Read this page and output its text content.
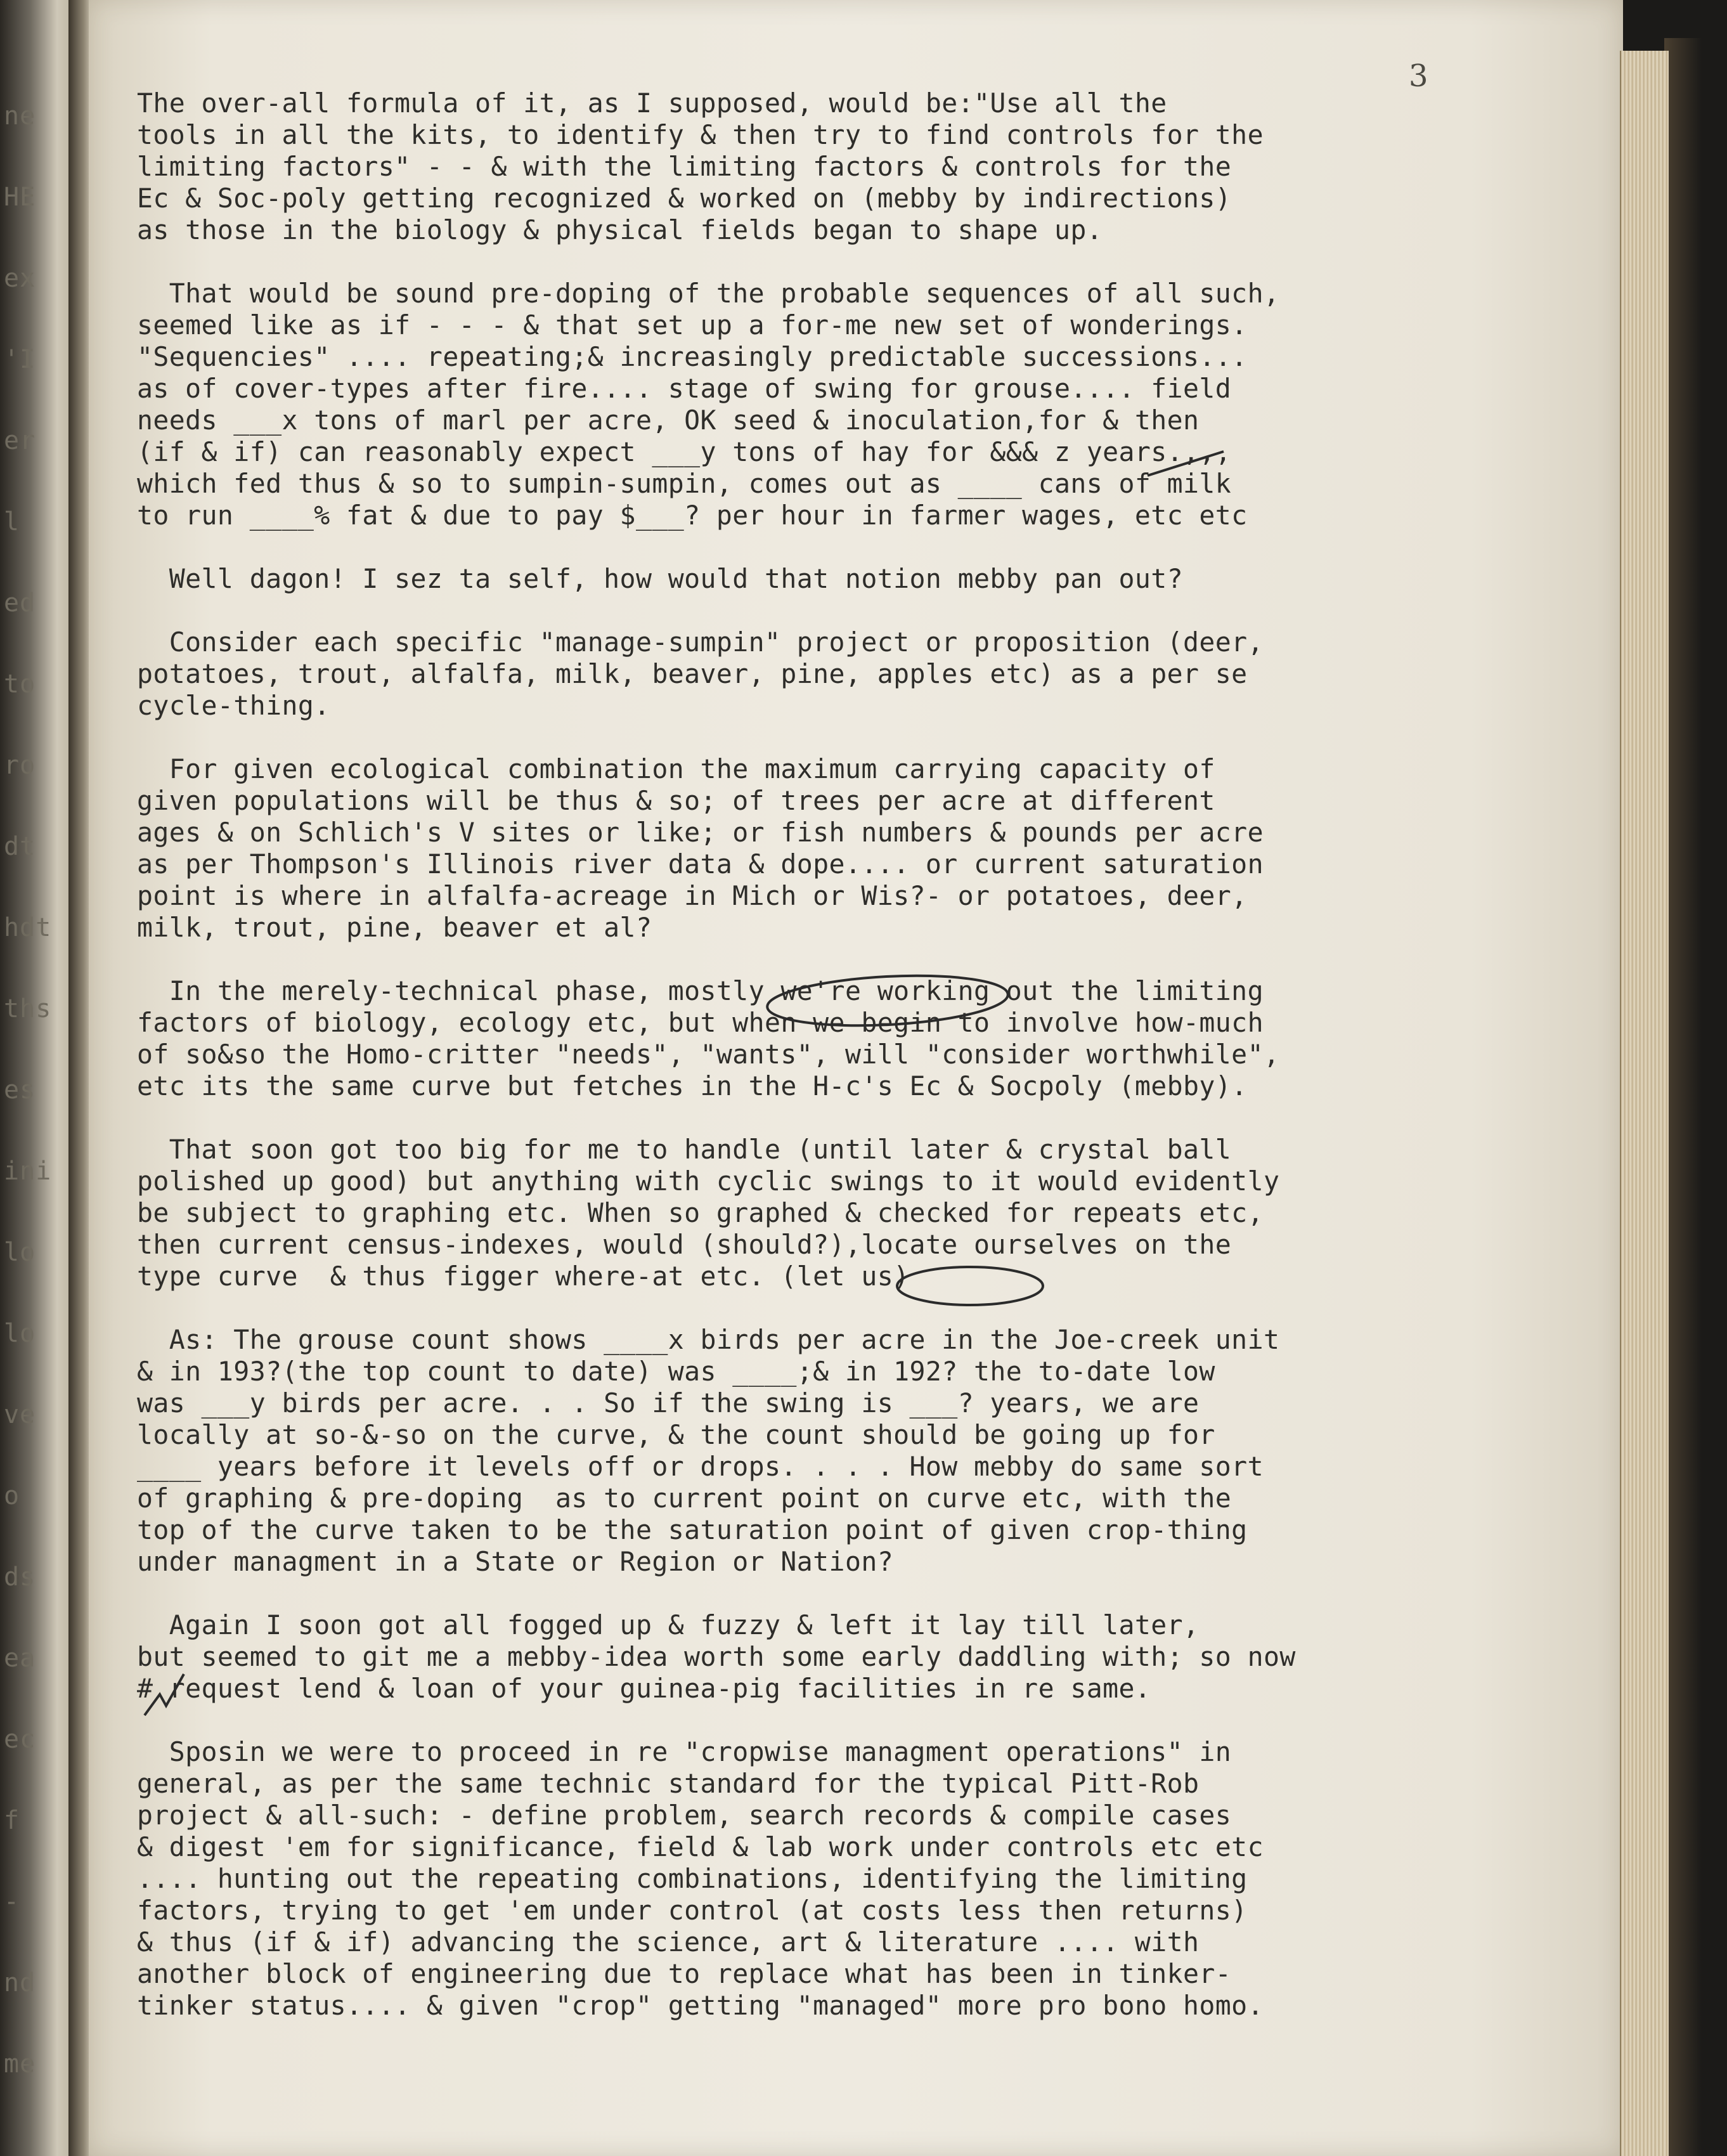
ne
HE
ex
'I
er
l
ed
to
ro
dt
hdt
ths
es
ini
lo
lo
ve
o
ds
ea
ec
f
-
nd
me
3
The over-all formula of it, as I supposed, would be:"Use all the
tools in all the kits, to identify & then try to find controls for the
limiting factors" - - & with the limiting factors & controls for the
Ec & Soc-poly getting recognized & worked on (mebby by indirections)
as those in the biology & physical fields began to shape up.
That would be sound pre-doping of the probable sequences of all such,
seemed like as if - - - & that set up a for-me new set of wonderings.
"Sequencies" .... repeating;& increasingly predictable successions...
as of cover-types after fire.... stage of swing for grouse.... field
needs ___x tons of marl per acre, OK seed & inoculation,for & then
(if & if) can reasonably expect ___y tons of hay for &&& z years.,,,
which fed thus & so to sumpin-sumpin, comes out as ____ cans of milk
to run ____% fat & due to pay $___? per hour in farmer wages, etc etc
Well dagon! I sez ta self, how would that notion mebby pan out?
Consider each specific "manage-sumpin" project or proposition (deer,
potatoes, trout, alfalfa, milk, beaver, pine, apples etc) as a per se
cycle-thing.
For given ecological combination the maximum carrying capacity of
given populations will be thus & so; of trees per acre at different
ages & on Schlich's V sites or like; or fish numbers & pounds per acre
as per Thompson's Illinois river data & dope.... or current saturation
point is where in alfalfa-acreage in Mich or Wis?- or potatoes, deer,
milk, trout, pine, beaver et al?
In the merely-technical phase, mostly we're working out the limiting
factors of biology, ecology etc, but when we begin to involve how-much
of so&so the Homo-critter "needs", "wants", will "consider worthwhile",
etc its the same curve but fetches in the H-c's Ec & Socpoly (mebby).
That soon got too big for me to handle (until later & crystal ball
polished up good) but anything with cyclic swings to it would evidently
be subject to graphing etc. When so graphed & checked for repeats etc,
then current census-indexes, would (should?),locate ourselves on the
type curve  & thus figger where-at etc. (let us)
As: The grouse count shows ____x birds per acre in the Joe-creek unit
& in 193?(the top count to date) was ____;& in 192? the to-date low
was ___y birds per acre. . . So if the swing is ___? years, we are
locally at so-&-so on the curve, & the count should be going up for
____ years before it levels off or drops. . . . How mebby do same sort
of graphing & pre-doping  as to current point on curve etc, with the
top of the curve taken to be the saturation point of given crop-thing
under managment in a State or Region or Nation?
Again I soon got all fogged up & fuzzy & left it lay till later,
but seemed to git me a mebby-idea worth some early daddling with; so now
# request lend & loan of your guinea-pig facilities in re same.
Sposin we were to proceed in re "cropwise managment operations" in
general, as per the same technic standard for the typical Pitt-Rob
project & all-such: - define problem, search records & compile cases
& digest 'em for significance, field & lab work under controls etc etc
.... hunting out the repeating combinations, identifying the limiting
factors, trying to get 'em under control (at costs less then returns)
& thus (if & if) advancing the science, art & literature .... with
another block of engineering due to replace what has been in tinker-
tinker status.... & given "crop" getting "managed" more pro bono homo.
